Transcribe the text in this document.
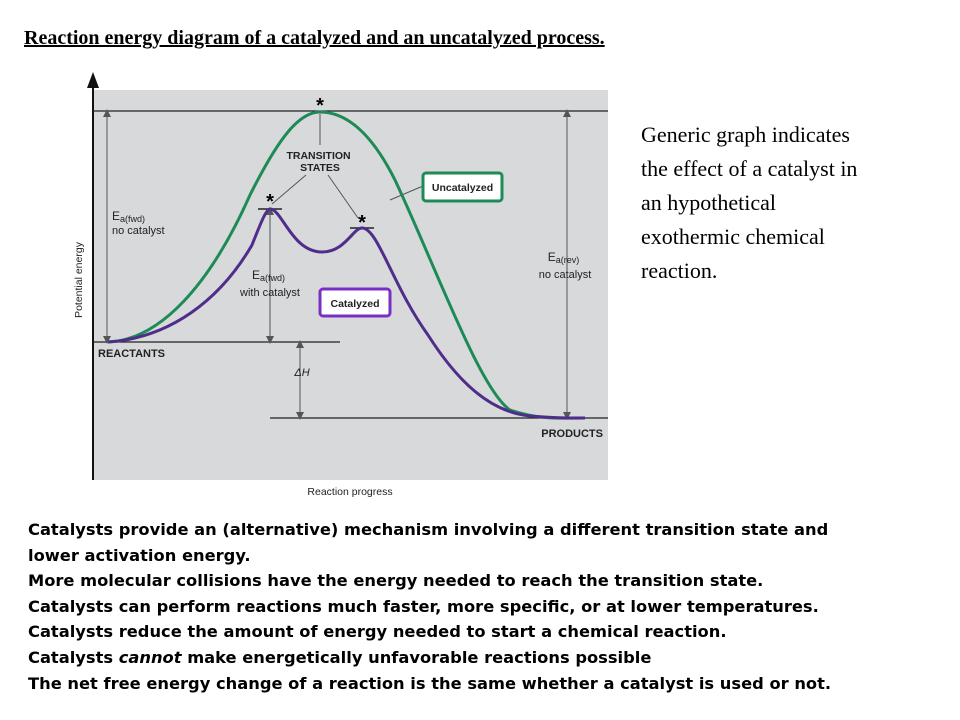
Reaction energy diagram of a catalyzed and an uncatalyzed process.
*
*
*
TRANSITION STATES
Uncatalyzed
Catalyzed
Ea(fwd) no catalyst
Ea(fwd) with catalyst
Ea(rev) no catalyst
ΔH
REACTANTS
PRODUCTS
Potential energy
Reaction progress
Generic graph indicates
the effect of a catalyst in
an hypothetical
exothermic chemical
reaction.
Catalysts provide an (alternative) mechanism involving a different transition state and
lower activation energy.
More molecular collisions have the energy needed to reach the transition state.
Catalysts can perform reactions much faster, more specific, or at lower temperatures.
Catalysts reduce the amount of energy needed to start a chemical reaction.
Catalysts cannot make energetically unfavorable reactions possible
The net free energy change of a reaction is the same whether a catalyst is used or not.
